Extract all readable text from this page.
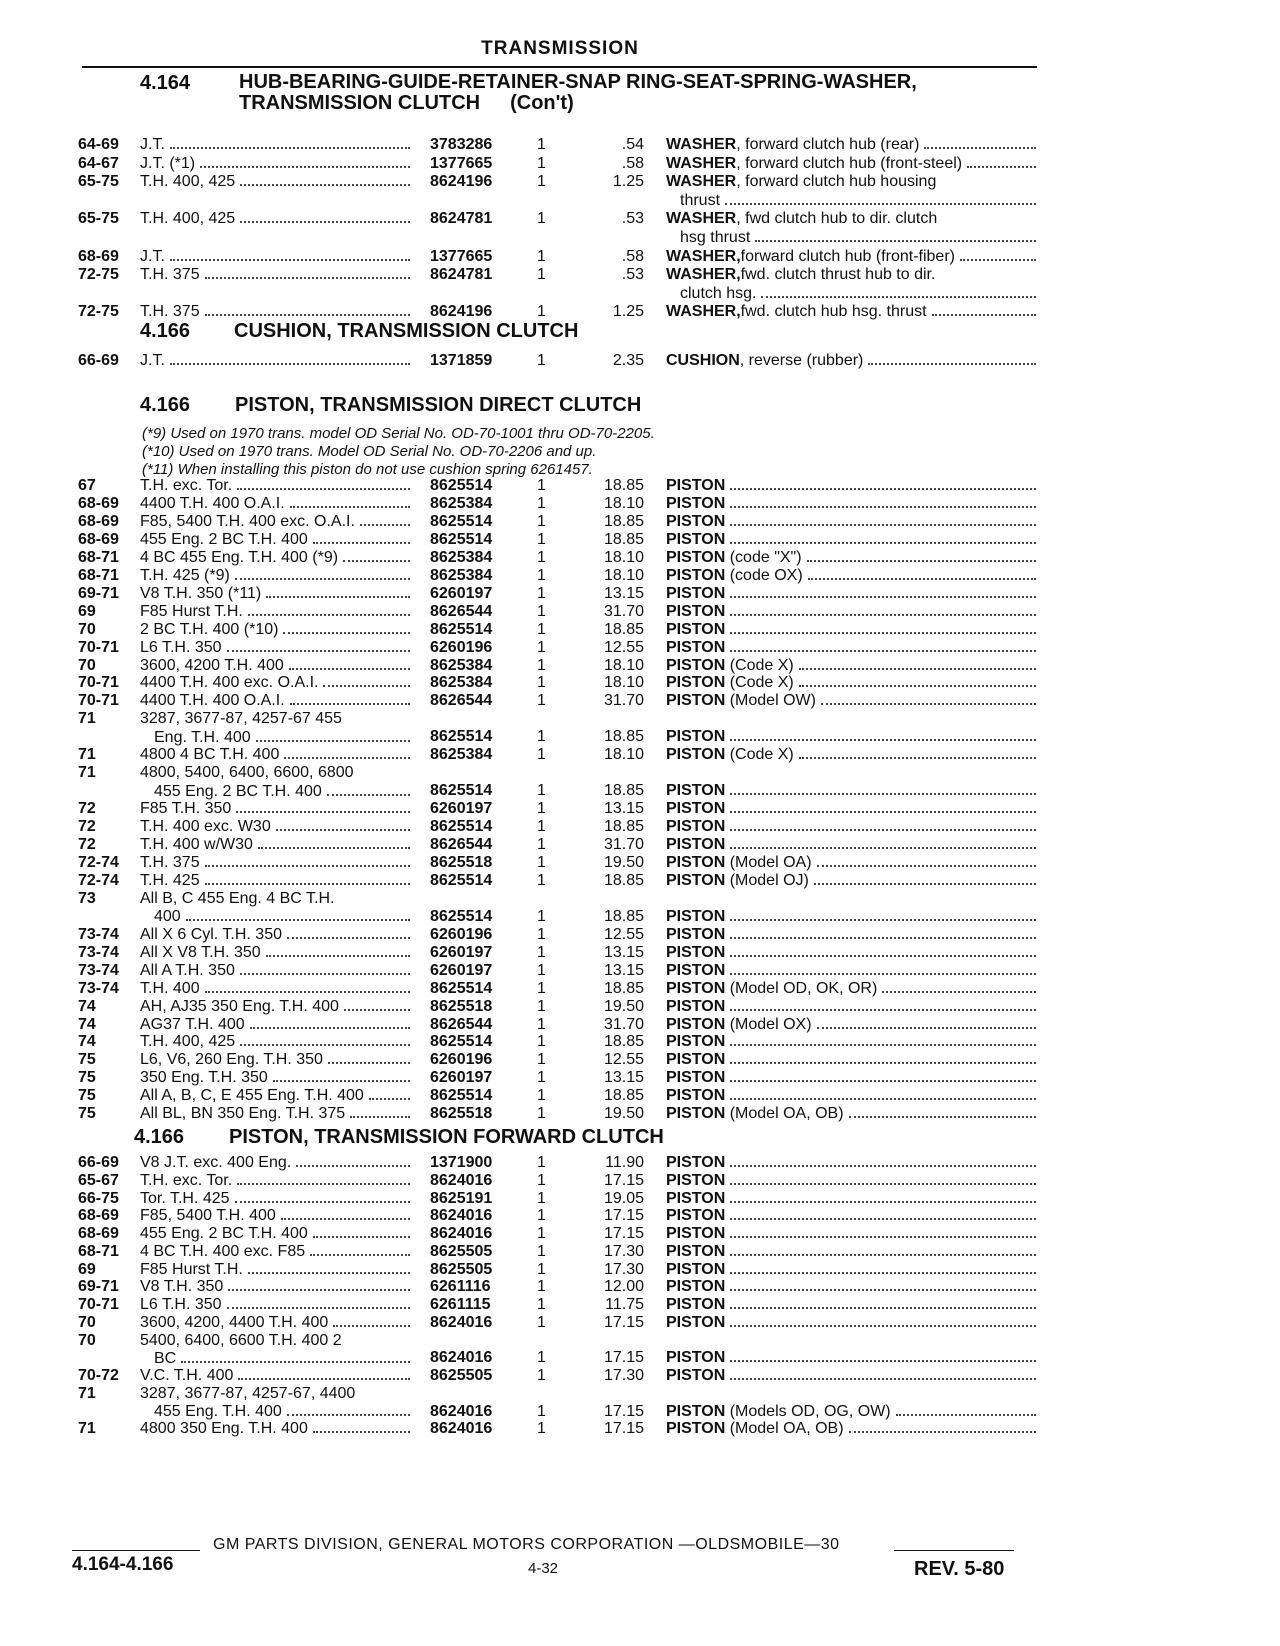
TRANSMISSION
4.164 HUB-BEARING-GUIDE-RETAINER-SNAP RING-SEAT-SPRING-WASHER,
TRANSMISSION CLUTCH (Con't)
64-69	J.T.	3783286	1	.54 WASHER, forward clutch hub (rear)
64-67	J.T. (*1)	1377665	1	.58 WASHER, forward clutch hub (front-steel)
65-75	T.H. 400, 425	8624196	1	1.25 WASHER, forward clutch hub housing
thrust
65-75	T.H. 400, 425	8624781	1	.53 WASHER, fwd clutch hub to dir. clutch
hsg thrust
68-69	J.T.	1377665	1	.58 WASHER,forward clutch hub (front-fiber)
72-75	T.H. 375	8624781	1	.53 WASHER,fwd. clutch thrust hub to dir.
clutch hsg.
72-75	T.H. 375	8624196	1	1.25 WASHER,fwd. clutch hub hsg. thrust
4.166 CUSHION, TRANSMISSION CLUTCH
66-69	J.T.	1371859	1	2.35 CUSHION, reverse (rubber)
4.166 PISTON, TRANSMISSION DIRECT CLUTCH
(*9) Used on 1970 trans. model OD Serial No. OD-70-1001 thru OD-70-2205.
(*10) Used on 1970 trans. Model OD Serial No. OD-70-2206 and up.
(*11) When installing this piston do not use cushion spring 6261457.
67	T.H. exc. Tor.	8625514	1	18.85 PISTON
68-69	4400 T.H. 400 O.A.I.	8625384	1	18.10 PISTON
68-69	F85, 5400 T.H. 400 exc. O.A.I.	8625514	1	18.85 PISTON
68-69	455 Eng. 2 BC T.H. 400	8625514	1	18.85 PISTON
68-71	4 BC 455 Eng. T.H. 400 (*9)	8625384	1	18.10 PISTON (code "X")
68-71	T.H. 425 (*9)	8625384	1	18.10 PISTON (code OX)
69-71	V8 T.H. 350 (*11)	6260197	1	13.15 PISTON
69	F85 Hurst T.H.	8626544	1	31.70 PISTON
70	2 BC T.H. 400 (*10)	8625514	1	18.85 PISTON
70-71	L6 T.H. 350	6260196	1	12.55 PISTON
70	3600, 4200 T.H. 400	8625384	1	18.10 PISTON (Code X)
70-71	4400 T.H. 400 exc. O.A.I.	8625384	1	18.10 PISTON (Code X)
70-71	4400 T.H. 400 O.A.I.	8626544	1	31.70 PISTON (Model OW)
71	3287, 3677-87, 4257-67 455
Eng. T.H. 400	8625514	1	18.85 PISTON
71	4800 4 BC T.H. 400	8625384	1	18.10 PISTON (Code X)
71	4800, 5400, 6400, 6600, 6800
455 Eng. 2 BC T.H. 400	8625514	1	18.85 PISTON
72	F85 T.H. 350	6260197	1	13.15 PISTON
72	T.H. 400 exc. W30	8625514	1	18.85 PISTON
72	T.H. 400 w/W30	8626544	1	31.70 PISTON
72-74	T.H. 375	8625518	1	19.50 PISTON (Model OA)
72-74	T.H. 425	8625514	1	18.85 PISTON (Model OJ)
73	All B, C 455 Eng. 4 BC T.H.
400	8625514	1	18.85 PISTON
73-74	All X 6 Cyl. T.H. 350	6260196	1	12.55 PISTON
73-74	All X V8 T.H. 350	6260197	1	13.15 PISTON
73-74	All A T.H. 350	6260197	1	13.15 PISTON
73-74	T.H. 400	8625514	1	18.85 PISTON (Model OD, OK, OR)
74	AH, AJ35 350 Eng. T.H. 400	8625518	1	19.50 PISTON
74	AG37 T.H. 400	8626544	1	31.70 PISTON (Model OX)
74	T.H. 400, 425	8625514	1	18.85 PISTON
75	L6, V6, 260 Eng. T.H. 350	6260196	1	12.55 PISTON
75	350 Eng. T.H. 350	6260197	1	13.15 PISTON
75	All A, B, C, E 455 Eng. T.H. 400	8625514	1	18.85 PISTON
75	All BL, BN 350 Eng. T.H. 375	8625518	1	19.50 PISTON (Model OA, OB)
4.166 PISTON, TRANSMISSION FORWARD CLUTCH
66-69	V8 J.T. exc. 400 Eng.	1371900	1	11.90 PISTON
65-67	T.H. exc. Tor.	8624016	1	17.15 PISTON
66-75	Tor. T.H. 425	8625191	1	19.05 PISTON
68-69	F85, 5400 T.H. 400	8624016	1	17.15 PISTON
68-69	455 Eng. 2 BC T.H. 400	8624016	1	17.15 PISTON
68-71	4 BC T.H. 400 exc. F85	8625505	1	17.30 PISTON
69	F85 Hurst T.H.	8625505	1	17.30 PISTON
69-71	V8 T.H. 350	6261116	1	12.00 PISTON
70-71	L6 T.H. 350	6261115	1	11.75 PISTON
70	3600, 4200, 4400 T.H. 400	8624016	1	17.15 PISTON
70	5400, 6400, 6600 T.H. 400 2
BC	8624016	1	17.15 PISTON
70-72	V.C. T.H. 400	8625505	1	17.30 PISTON
71	3287, 3677-87, 4257-67, 4400
455 Eng. T.H. 400	8624016	1	17.15 PISTON (Models OD, OG, OW)
71	4800 350 Eng. T.H. 400	8624016	1	17.15 PISTON (Model OA, OB)
GM PARTS DIVISION, GENERAL MOTORS CORPORATION —OLDSMOBILE—30
4.164-4.166	4-32	REV. 5-80
